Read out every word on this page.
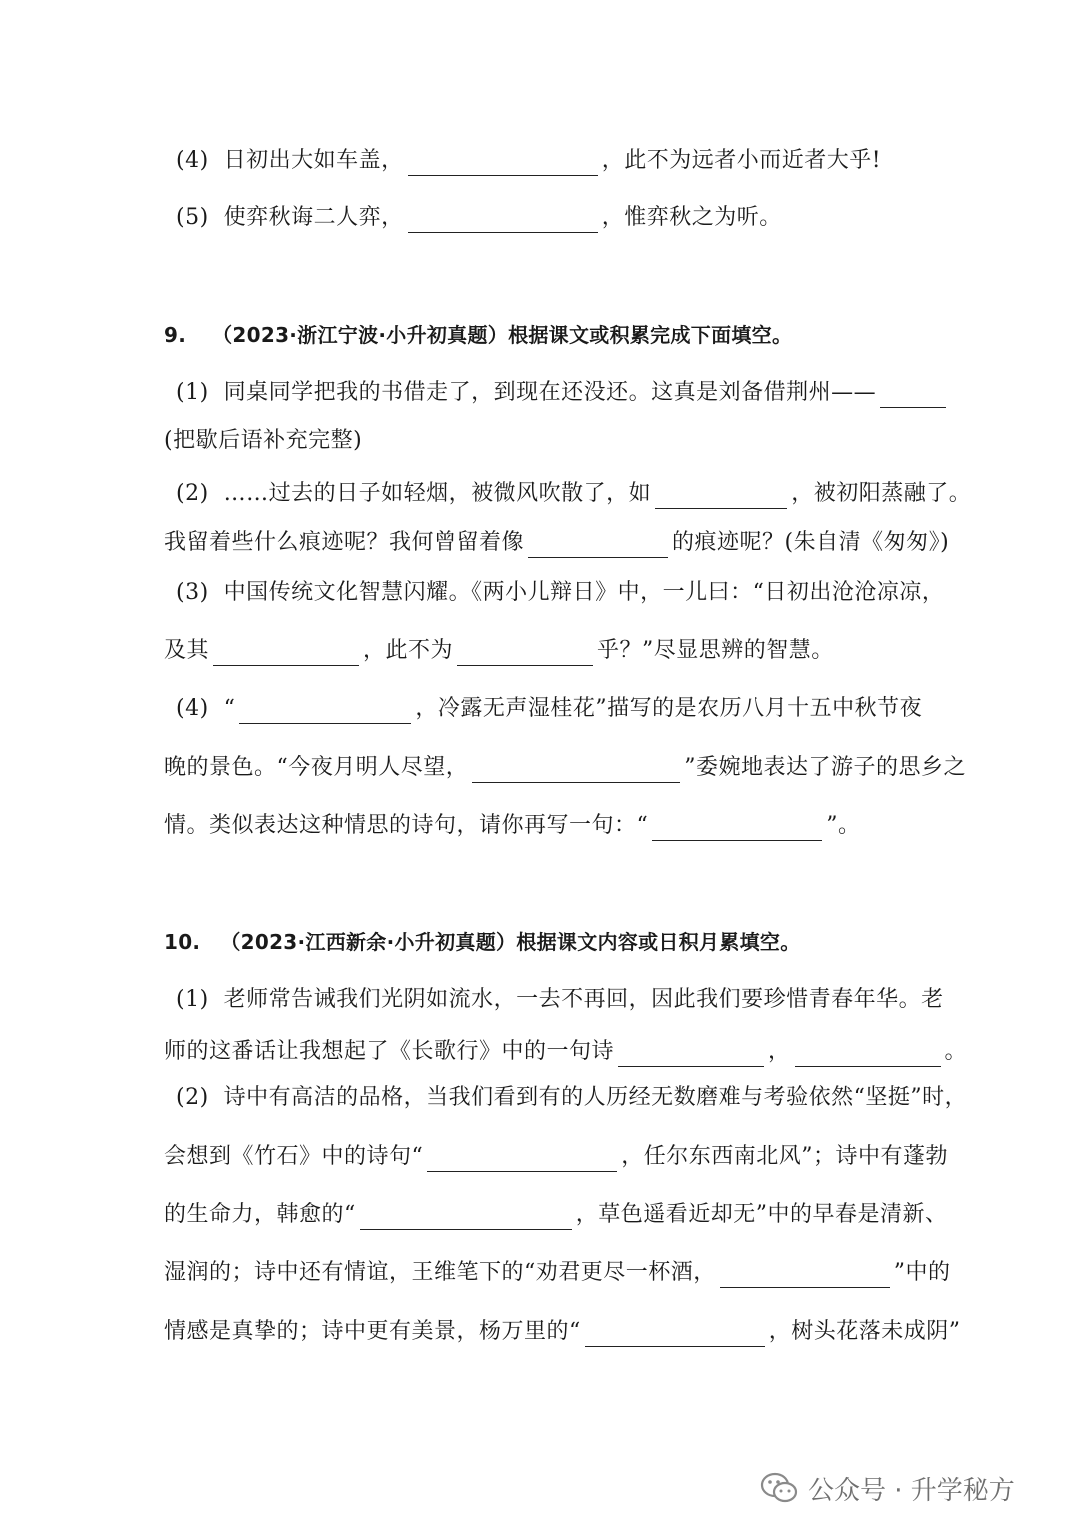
(4) 日初出大如车盖，	，此不为远者小而近者大乎!
(5) 使弈秋诲二人弈，	，惟弈秋之为听。
9. （2023·浙江宁波·小升初真题）根据课文或积累完成下面填空。
(1) 同桌同学把我的书借走了，到现在还没还。这真是刘备借荆州——
(把歇后语补充完整)
(2) ……过去的日子如轻烟，被微风吹散了，如	，被初阳蒸融了。
我留着些什么痕迹呢？我何曾留着像	的痕迹呢？(朱自清《匆匆》)
(3) 中国传统文化智慧闪耀。《两小儿辩日》中，一儿曰：“日初出沧沧凉凉，
及其	，此不为	乎？”尽显思辨的智慧。
(4) “	，冷露无声湿桂花”描写的是农历八月十五中秋节夜
晚的景色。“今夜月明人尽望，	”委婉地表达了游子的思乡之
情。类似表达这种情思的诗句，请你再写一句：“	”。
10. （2023·江西新余·小升初真题）根据课文内容或日积月累填空。
(1) 老师常告诫我们光阴如流水，一去不再回，因此我们要珍惜青春年华。老
师的这番话让我想起了《长歌行》中的一句诗	，	。
(2) 诗中有高洁的品格，当我们看到有的人历经无数磨难与考验依然“坚挺”时，
会想到《竹石》中的诗句“	，任尔东西南北风”；诗中有蓬勃
的生命力，韩愈的“	，草色遥看近却无”中的早春是清新、
湿润的；诗中还有情谊，王维笔下的“劝君更尽一杯酒，	”中的
情感是真挚的；诗中更有美景，杨万里的“	，树头花落未成阴”
公众号 · 升学秘方
